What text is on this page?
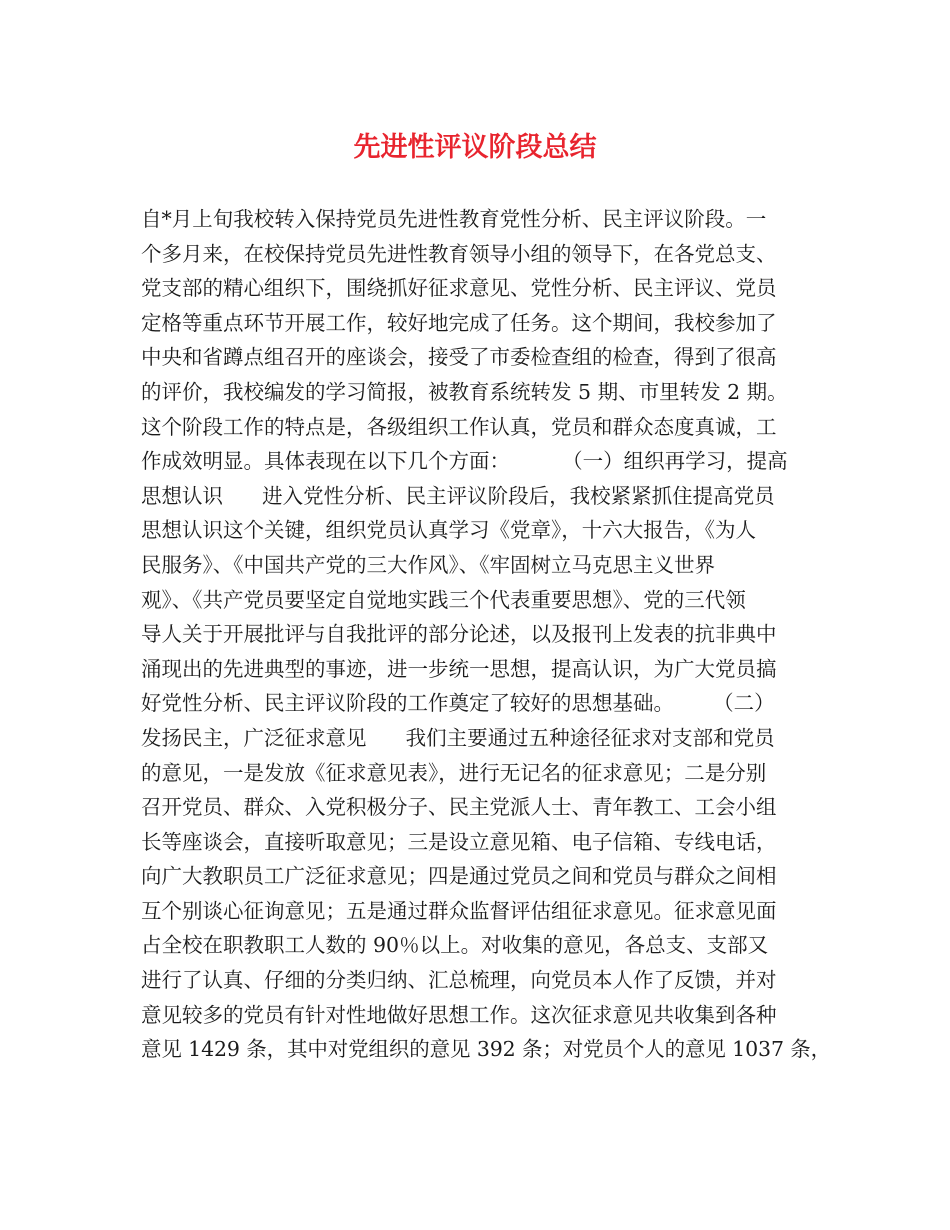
先进性评议阶段总结
自*月上旬我校转入保持党员先进性教育党性分析、民主评议阶段。一
个多月来，在校保持党员先进性教育领导小组的领导下，在各党总支、
党支部的精心组织下，围绕抓好征求意见、党性分析、民主评议、党员
定格等重点环节开展工作，较好地完成了任务。这个期间，我校参加了
中央和省蹲点组召开的座谈会，接受了市委检查组的检查，得到了很高
的评价，我校编发的学习简报，被教育系统转发 5 期、市里转发 2 期。
这个阶段工作的特点是，各级组织工作认真，党员和群众态度真诚，工
作成效明显。具体表现在以下几个方面：        （一）组织再学习，提高
思想认识      进入党性分析、民主评议阶段后，我校紧紧抓住提高党员
思想认识这个关键，组织党员认真学习《党章》，十六大报告，《为人
民服务》、《中国共产党的三大作风》、《牢固树立马克思主义世界
观》、《共产党员要坚定自觉地实践三个代表重要思想》、党的三代领
导人关于开展批评与自我批评的部分论述，以及报刊上发表的抗非典中
涌现出的先进典型的事迹，进一步统一思想，提高认识，为广大党员搞
好党性分析、民主评议阶段的工作奠定了较好的思想基础。      （二）
发扬民主，广泛征求意见      我们主要通过五种途径征求对支部和党员
的意见，一是发放《征求意见表》，进行无记名的征求意见；二是分别
召开党员、群众、入党积极分子、民主党派人士、青年教工、工会小组
长等座谈会，直接听取意见；三是设立意见箱、电子信箱、专线电话，
向广大教职员工广泛征求意见；四是通过党员之间和党员与群众之间相
互个别谈心征询意见；五是通过群众监督评估组征求意见。征求意见面
占全校在职教职工人数的 90％以上。对收集的意见，各总支、支部又
进行了认真、仔细的分类归纳、汇总梳理，向党员本人作了反馈，并对
意见较多的党员有针对性地做好思想工作。这次征求意见共收集到各种
意见 1429 条，其中对党组织的意见 392 条；对党员个人的意见 1037 条，
